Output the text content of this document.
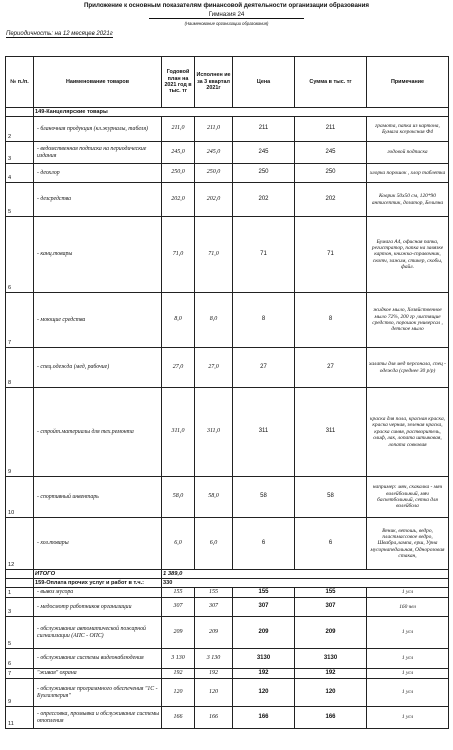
Приложение к основным показателям финансовой деятельности организации образования
Гимназия 24
(Наименование организации образования)
Периодичность: на 12 месяцев 2021г
№ п./п.	Наименование товаров	Годовой план на 2021 год в тыс. тг	Исполнен ие за 3 квартал 2021г	Цена	Сумма в тыс. тг	Примечание
	149-Канцелярские товары					
2	- бланочная продукция (кл.журналы, табеля)	211,0	211,0	211	211	грамота, папка из картона, Бумага ксероксная Ф4
3	- ведомственная подписка на периодические издания	245,0	245,0	245	245	годовой подписка
4	- деохлор	250,0	250,0	250	250	хлорка порошок , хлор таблетка
5	- дезсредства	202,0	202,0	202	202	Коврик 50х50 см, 120*90 антисептик, дозатор, Белизна
6	- канц.товары	71,0	71,0	71	71	Бумага А4, офисная папка, регистратор, папка на завязке картон, книжка-справочник, скотч, зажим, стикер, скобы, файл.
7	- моющие средства	8,0	8,0	8	8	жидкое мыло, Хозяйственное мыло 72%, 200 гр ,чистящие средство, порошок универсал , детское мыло
8	- спец.одежда (мед, рабочие)	27,0	27,0	27	27	халаты для мед персонала, спец - одежда (среднее 30 р/р)
9	- стройт.материалы для тех.ремонта	311,0	311,0	311	311	краска для пола, красная краска, краска черная, зеленая краска, краска синяя, растворитель, олиф, лак, лопата штыковая, лопата совковая
10	- спортивный инвентарь	58,0	58,0	58	58	например: мяч, скакалка - мяч волейбольный, мяч баскетбольный, сетка для волейбола
12	- хоз.товары	6,0	6,0	6	6	Веник, ветошь, ведро, пластмассовое ведро, Швабра,лампа, ерш, Урна мусорнапедальная, Однорозовая стакан,
	ИТОГО	1 389,0				
	159-Оплата прочих услуг и работ в т.ч.:	330				
1	- вывоз мусора	155	155	155	155	1 усл
3	- медосмотр работников организации	307	307	307	307	160 чел
5	- обслуживание автоматической пожарной сигнализации (АПС - ОПС)	209	209	209	209	1 усл
6	- обслуживание системы видеонаблюдения	3 130	3 130	3130	3130	1 усл
7	"живая" охрана	192	192	192	192	1 усл
9	- обслуживание программного обеспечения "1С - Бухгалтерия"	120	120	120	120	1 усл
11	- опрессовка, промывка и обслуживание системы отопления	166	166	166	166	1 усл
